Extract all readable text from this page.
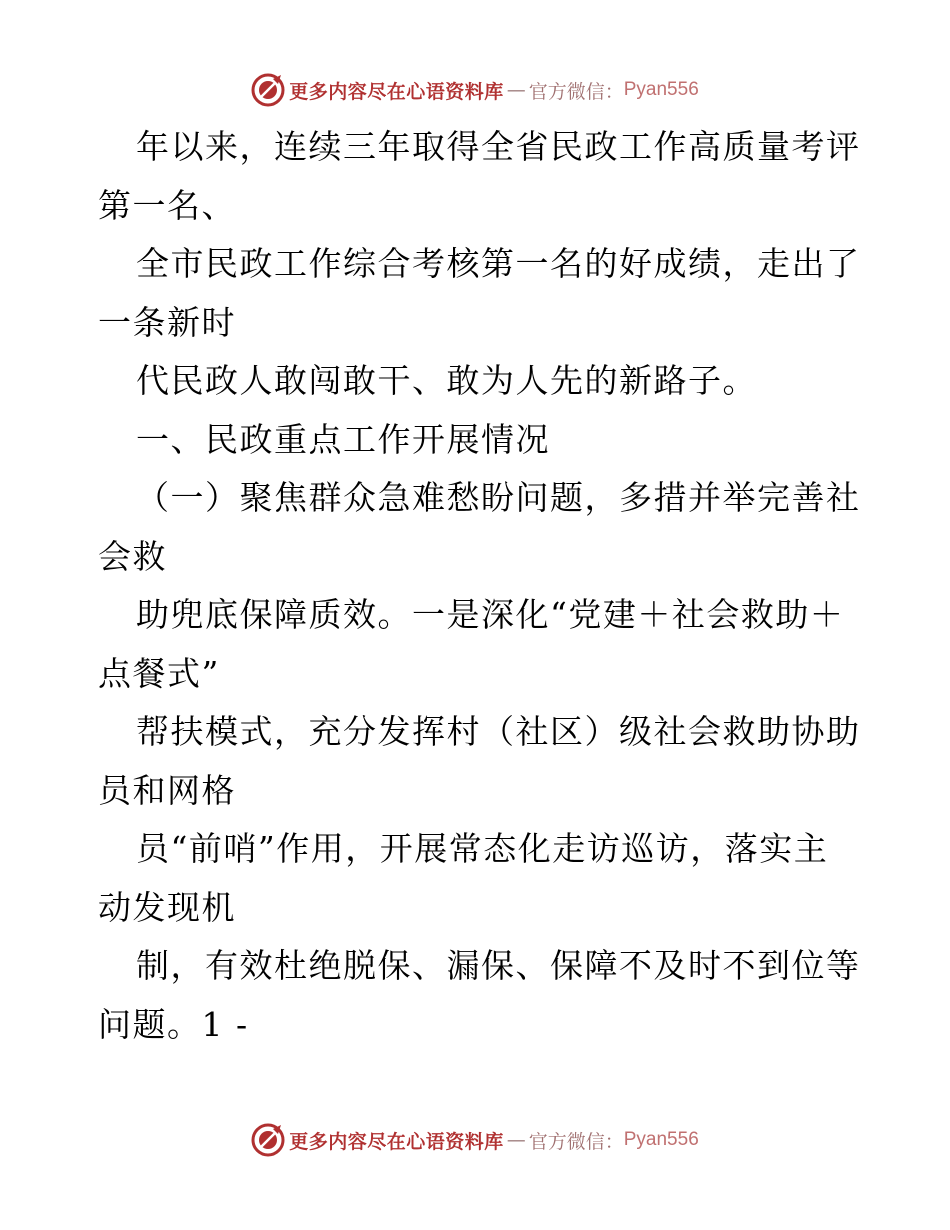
更多内容尽在心语资料库 — 官方微信： Pyan556
年以来，连续三年取得全省民政工作高质量考评
第一名、
全市民政工作综合考核第一名的好成绩，走出了
一条新时
代民政人敢闯敢干、敢为人先的新路子。
一、民政重点工作开展情况
（一）聚焦群众急难愁盼问题，多措并举完善社
会救
助兜底保障质效。一是深化“党建＋社会救助＋
点餐式”
帮扶模式，充分发挥村（社区）级社会救助协助
员和网格
员“前哨”作用，开展常态化走访巡访，落实主
动发现机
制，有效杜绝脱保、漏保、保障不及时不到位等
问题。1 -
更多内容尽在心语资料库 — 官方微信： Pyan556
